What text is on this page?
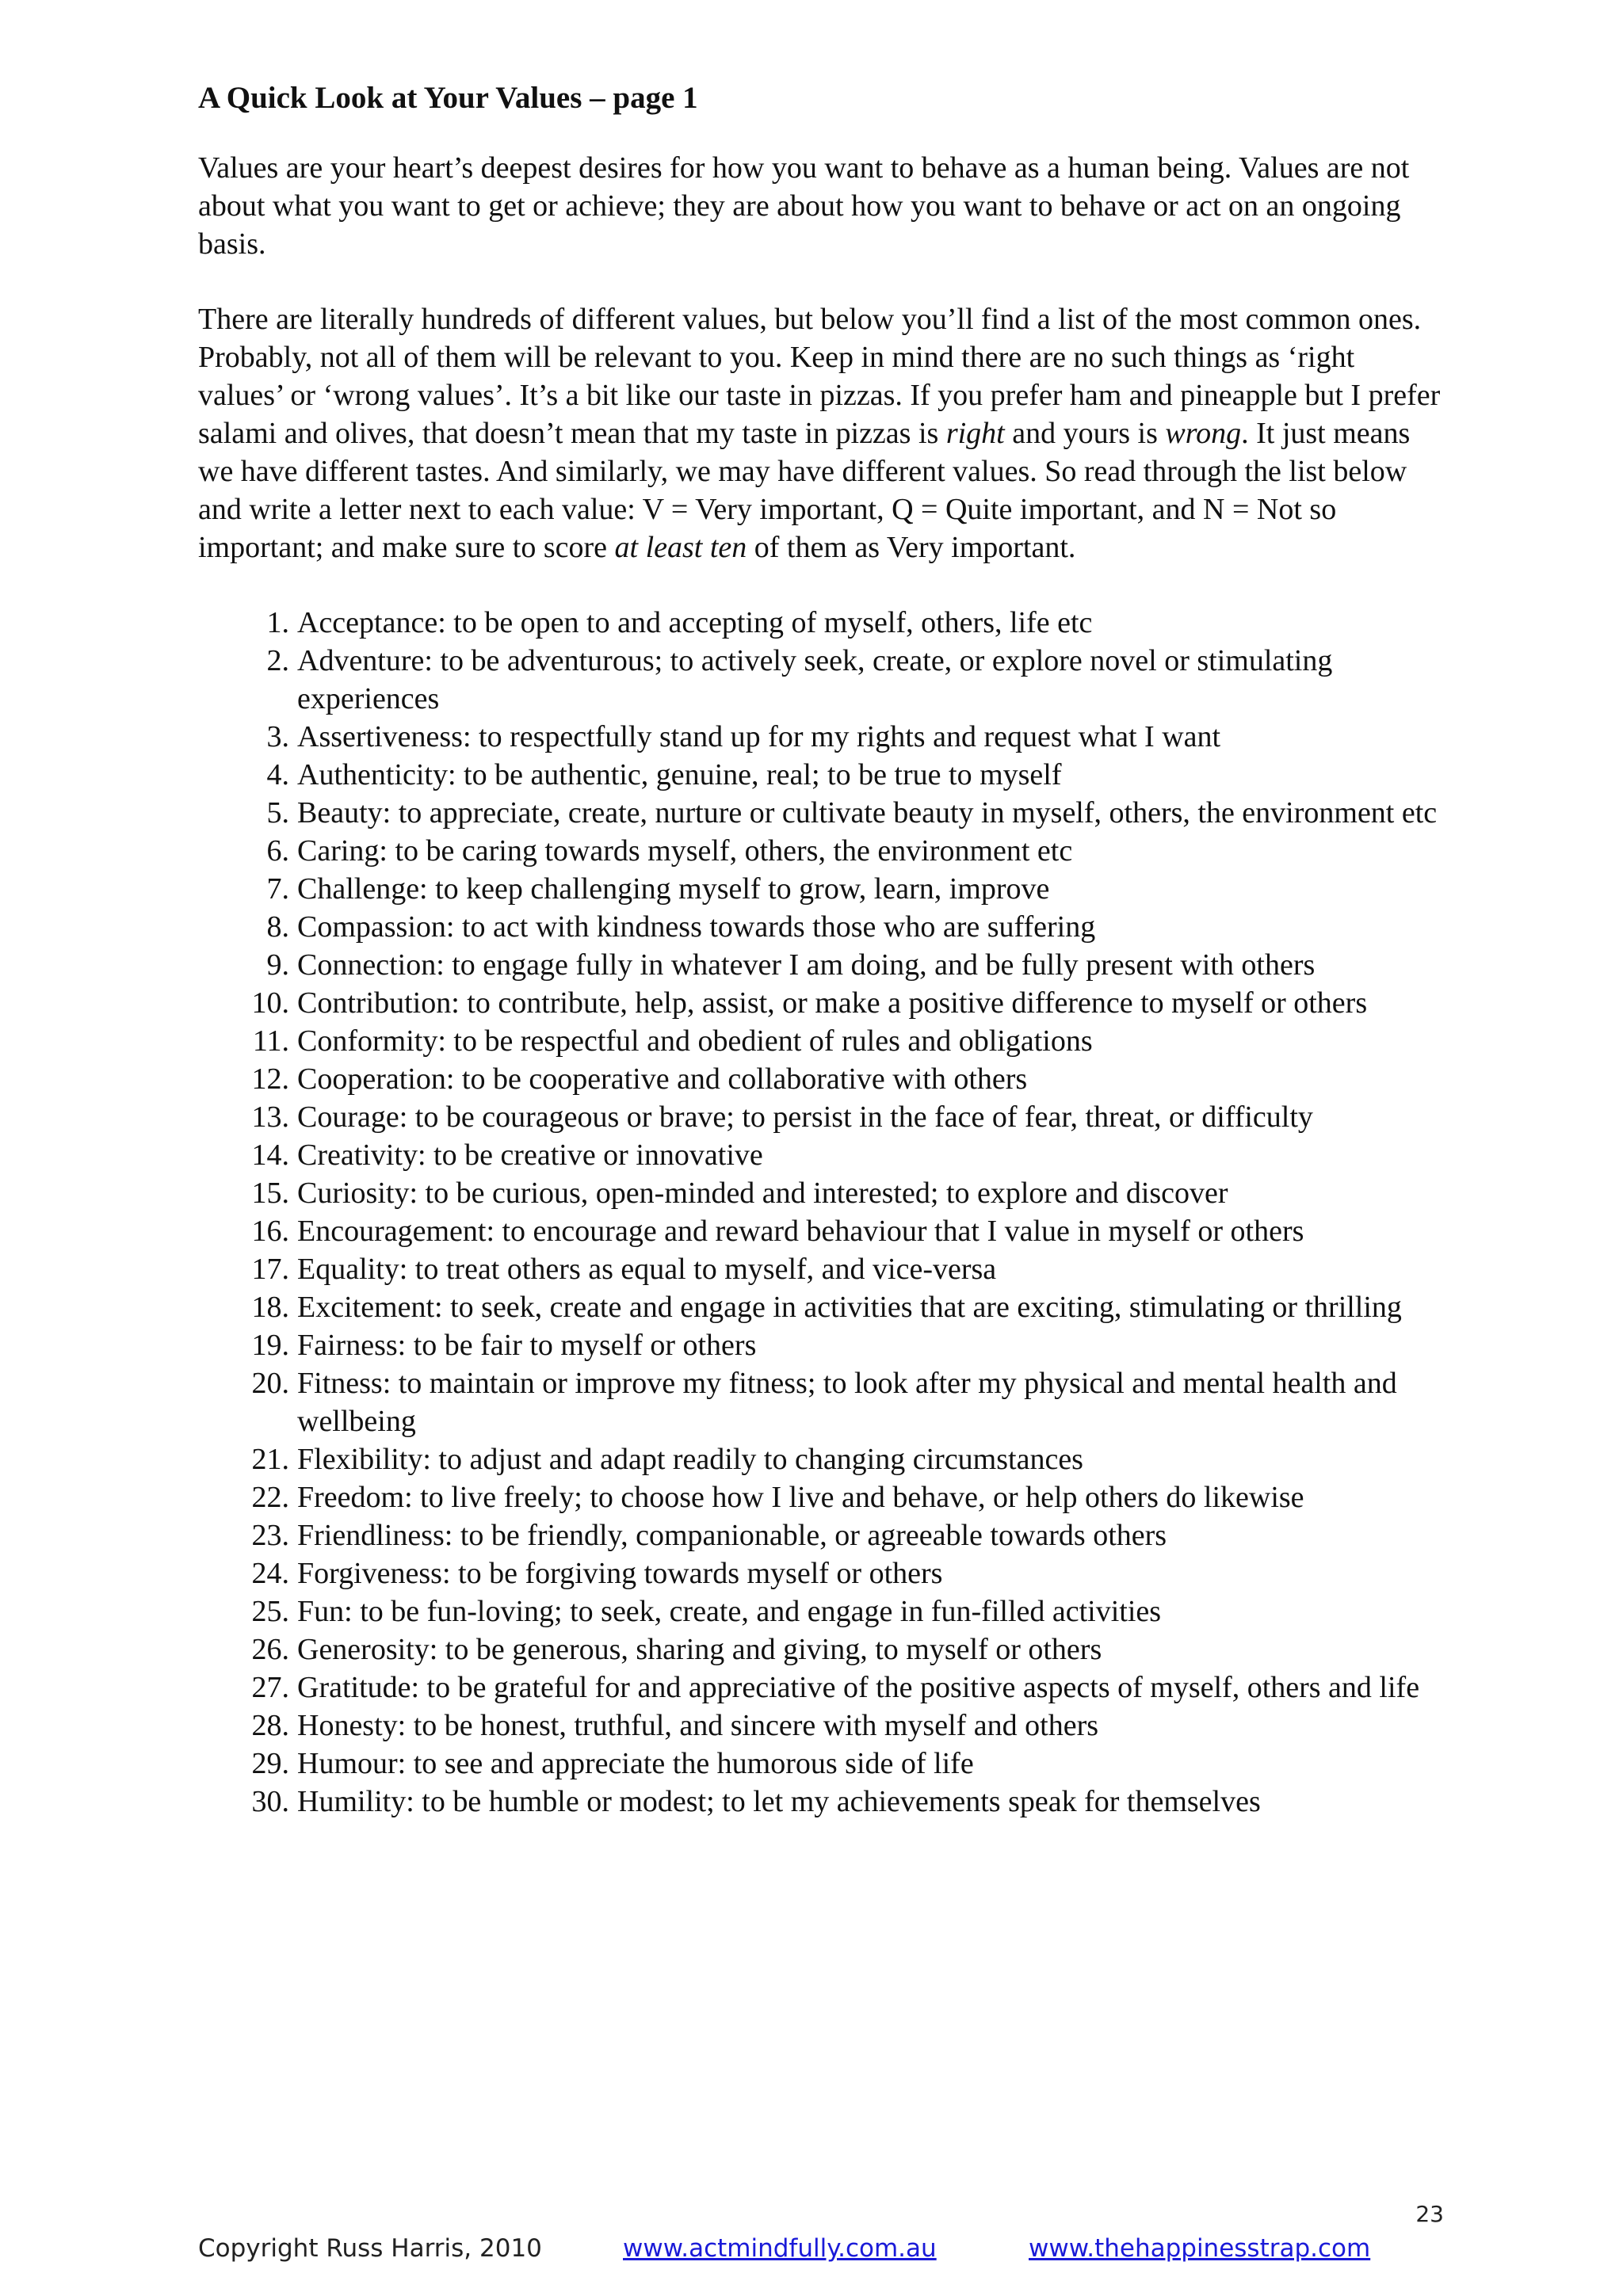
A Quick Look at Your Values – page 1

Values are your heart’s deepest desires for how you want to behave as a human being. Values are not about what you want to get or achieve; they are about how you want to behave or act on an ongoing basis.

There are literally hundreds of different values, but below you’ll find a list of the most common ones. Probably, not all of them will be relevant to you. Keep in mind there are no such things as ‘right values’ or ‘wrong values’. It’s a bit like our taste in pizzas. If you prefer ham and pineapple but I prefer salami and olives, that doesn’t mean that my taste in pizzas is right and yours is wrong. It just means we have different tastes. And similarly, we may have different values. So read through the list below and write a letter next to each value: V = Very important, Q = Quite important, and N = Not so important; and make sure to score at least ten of them as Very important.

1. Acceptance: to be open to and accepting of myself, others, life etc
2. Adventure: to be adventurous; to actively seek, create, or explore novel or stimulating experiences
3. Assertiveness: to respectfully stand up for my rights and request what I want
4. Authenticity: to be authentic, genuine, real; to be true to myself
5. Beauty: to appreciate, create, nurture or cultivate beauty in myself, others, the environment etc
6. Caring: to be caring towards myself, others, the environment etc
7. Challenge: to keep challenging myself to grow, learn, improve
8. Compassion: to act with kindness towards those who are suffering
9. Connection: to engage fully in whatever I am doing, and be fully present with others
10. Contribution: to contribute, help, assist, or make a positive difference to myself or others
11. Conformity: to be respectful and obedient of rules and obligations
12. Cooperation: to be cooperative and collaborative with others
13. Courage: to be courageous or brave; to persist in the face of fear, threat, or difficulty
14. Creativity: to be creative or innovative
15. Curiosity: to be curious, open-minded and interested; to explore and discover
16. Encouragement: to encourage and reward behaviour that I value in myself or others
17. Equality: to treat others as equal to myself, and vice-versa
18. Excitement: to seek, create and engage in activities that are exciting, stimulating or thrilling
19. Fairness: to be fair to myself or others
20. Fitness: to maintain or improve my fitness; to look after my physical and mental health and wellbeing
21. Flexibility: to adjust and adapt readily to changing circumstances
22. Freedom: to live freely; to choose how I live and behave, or help others do likewise
23. Friendliness: to be friendly, companionable, or agreeable towards others
24. Forgiveness: to be forgiving towards myself or others
25. Fun: to be fun-loving; to seek, create, and engage in fun-filled activities
26. Generosity: to be generous, sharing and giving, to myself or others
27. Gratitude: to be grateful for and appreciative of the positive aspects of myself, others and life
28. Honesty: to be honest, truthful, and sincere with myself and others
29. Humour: to see and appreciate the humorous side of life
30. Humility: to be humble or modest; to let my achievements speak for themselves
23
Copyright Russ Harris, 2010	www.actmindfully.com.au	www.thehappinesstrap.com
